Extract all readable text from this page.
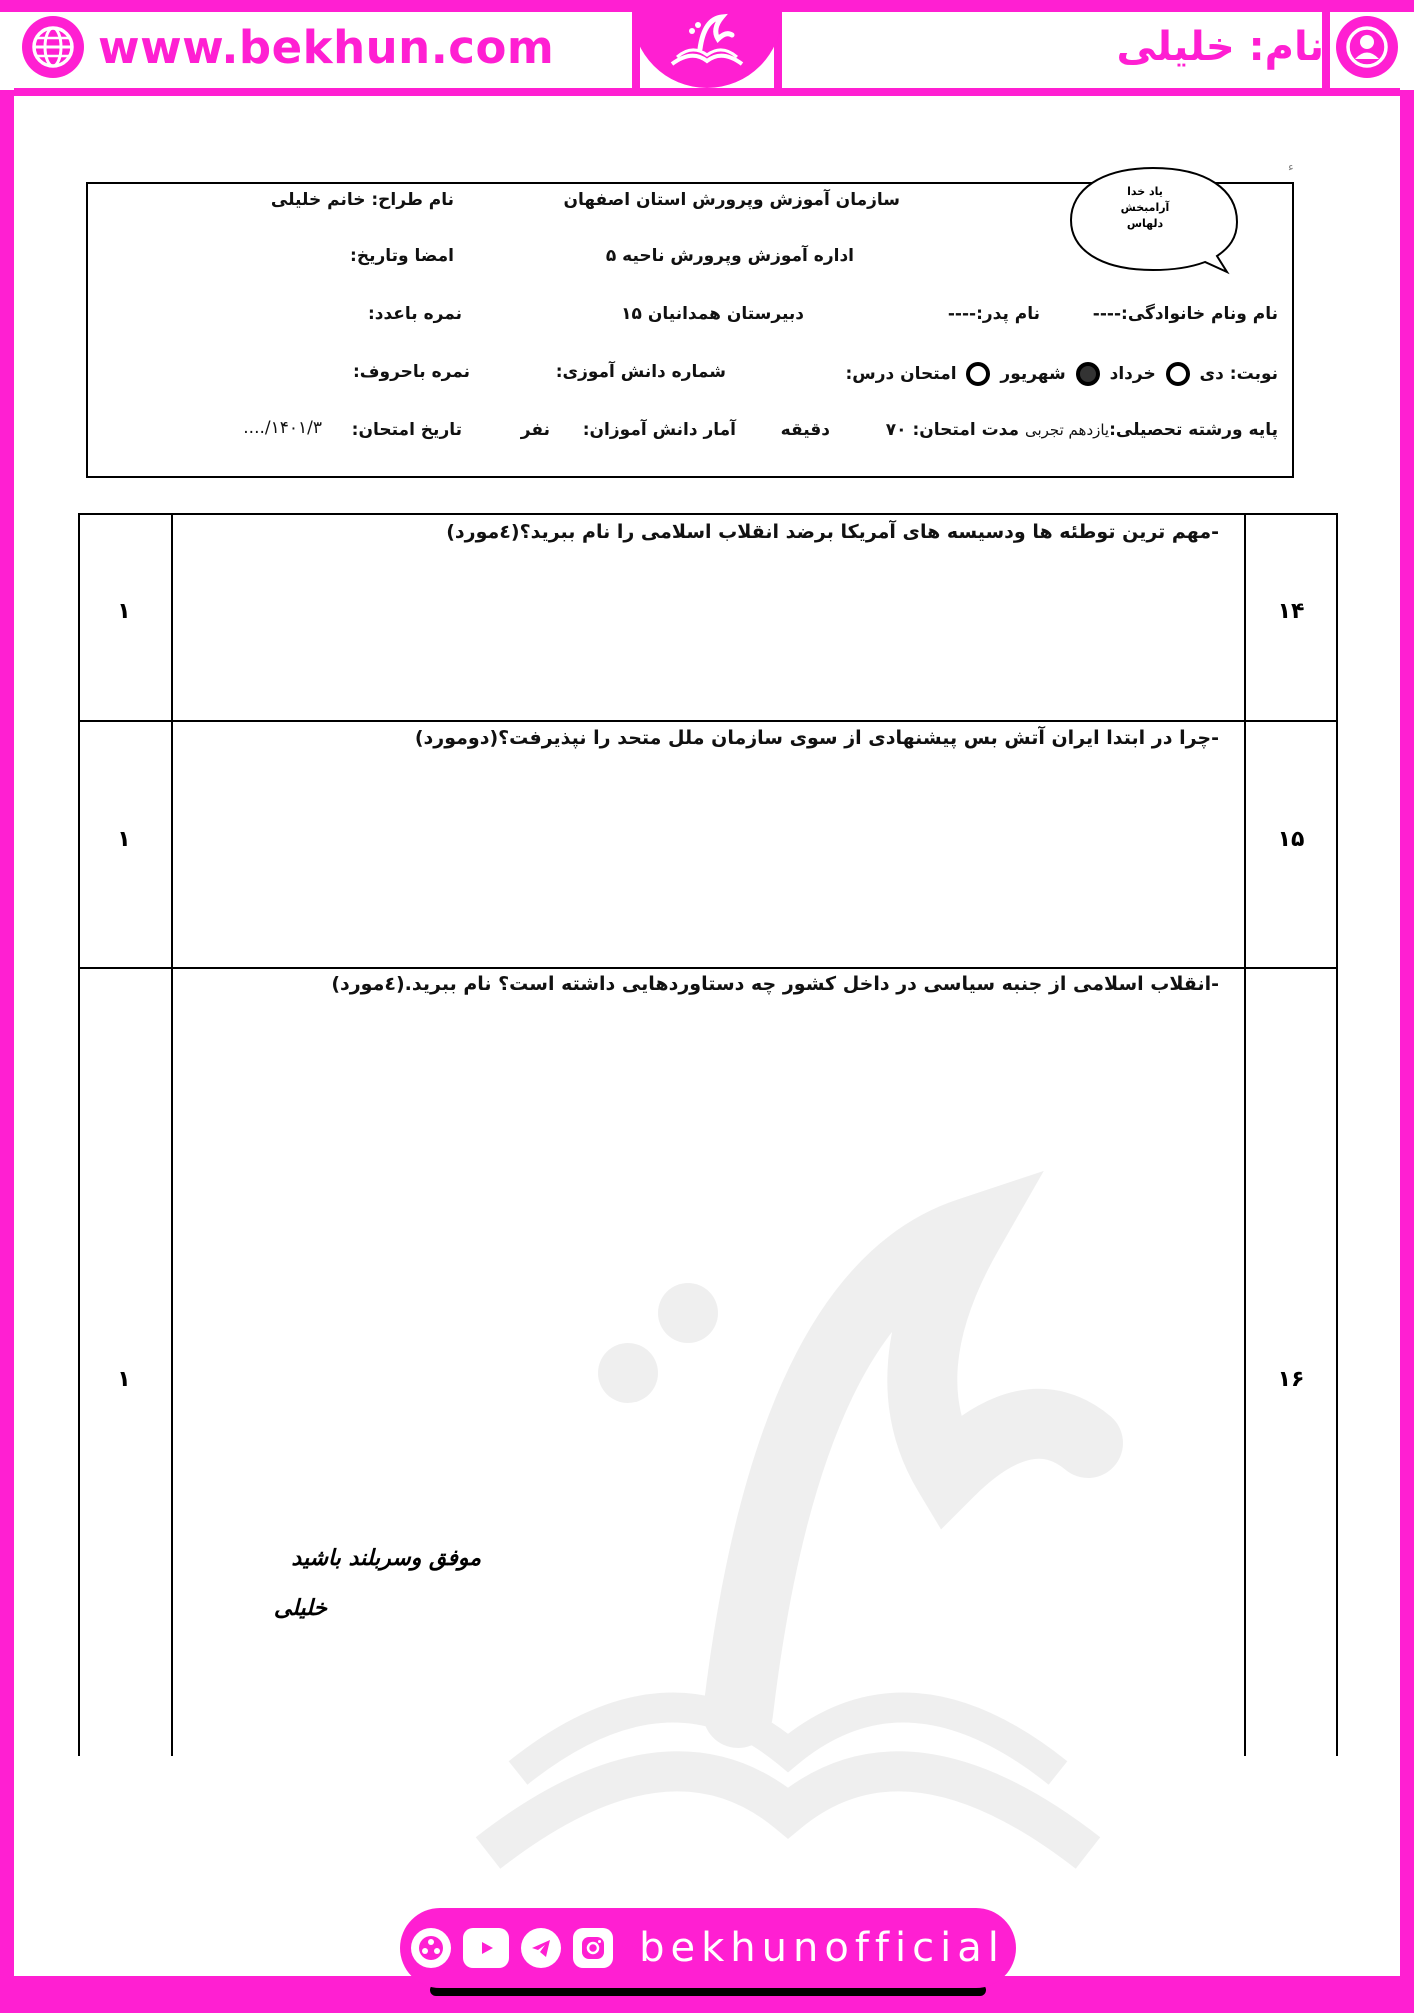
www.bekhun.com	نام: خلیلی
یاد خدا
آرامبخش
دلهاس
سازمان آموزش وپرورش استان اصفهان
نام طراح: خانم خلیلی
اداره آموزش وپرورش ناحیه ۵
امضا وتاریخ:
نام ونام خانوادگی:----
نام پدر:----
دبیرستان همدانیان ۱۵
نمره باعدد:
نوبت: دی  خرداد  شهریور  امتحان درس:
شماره دانش آموزی:
نمره باحروف:
پایه ورشته تحصیلی:یازدهم تجربی مدت امتحان: ۷۰
دقیقه
آمار دانش آموزان:
نفر
تاریخ امتحان:
۱۴۰۱/۳/....
ء
-مهم ترین توطئه ها ودسیسه های آمریکا برضد انقلاب اسلامی را نام ببرید؟(٤مورد)
۱۴
۱
-چرا در ابتدا ایران آتش بس پیشنهادی از سوی سازمان ملل متحد را نپذیرفت؟(دومورد)
۱۵
۱
-انقلاب اسلامی از جنبه سیاسی در داخل کشور چه دستاوردهایی داشته است؟ نام ببرید.(٤مورد)
۱۶
۱
موفق وسربلند باشید
خلیلی
bekhunofficial
